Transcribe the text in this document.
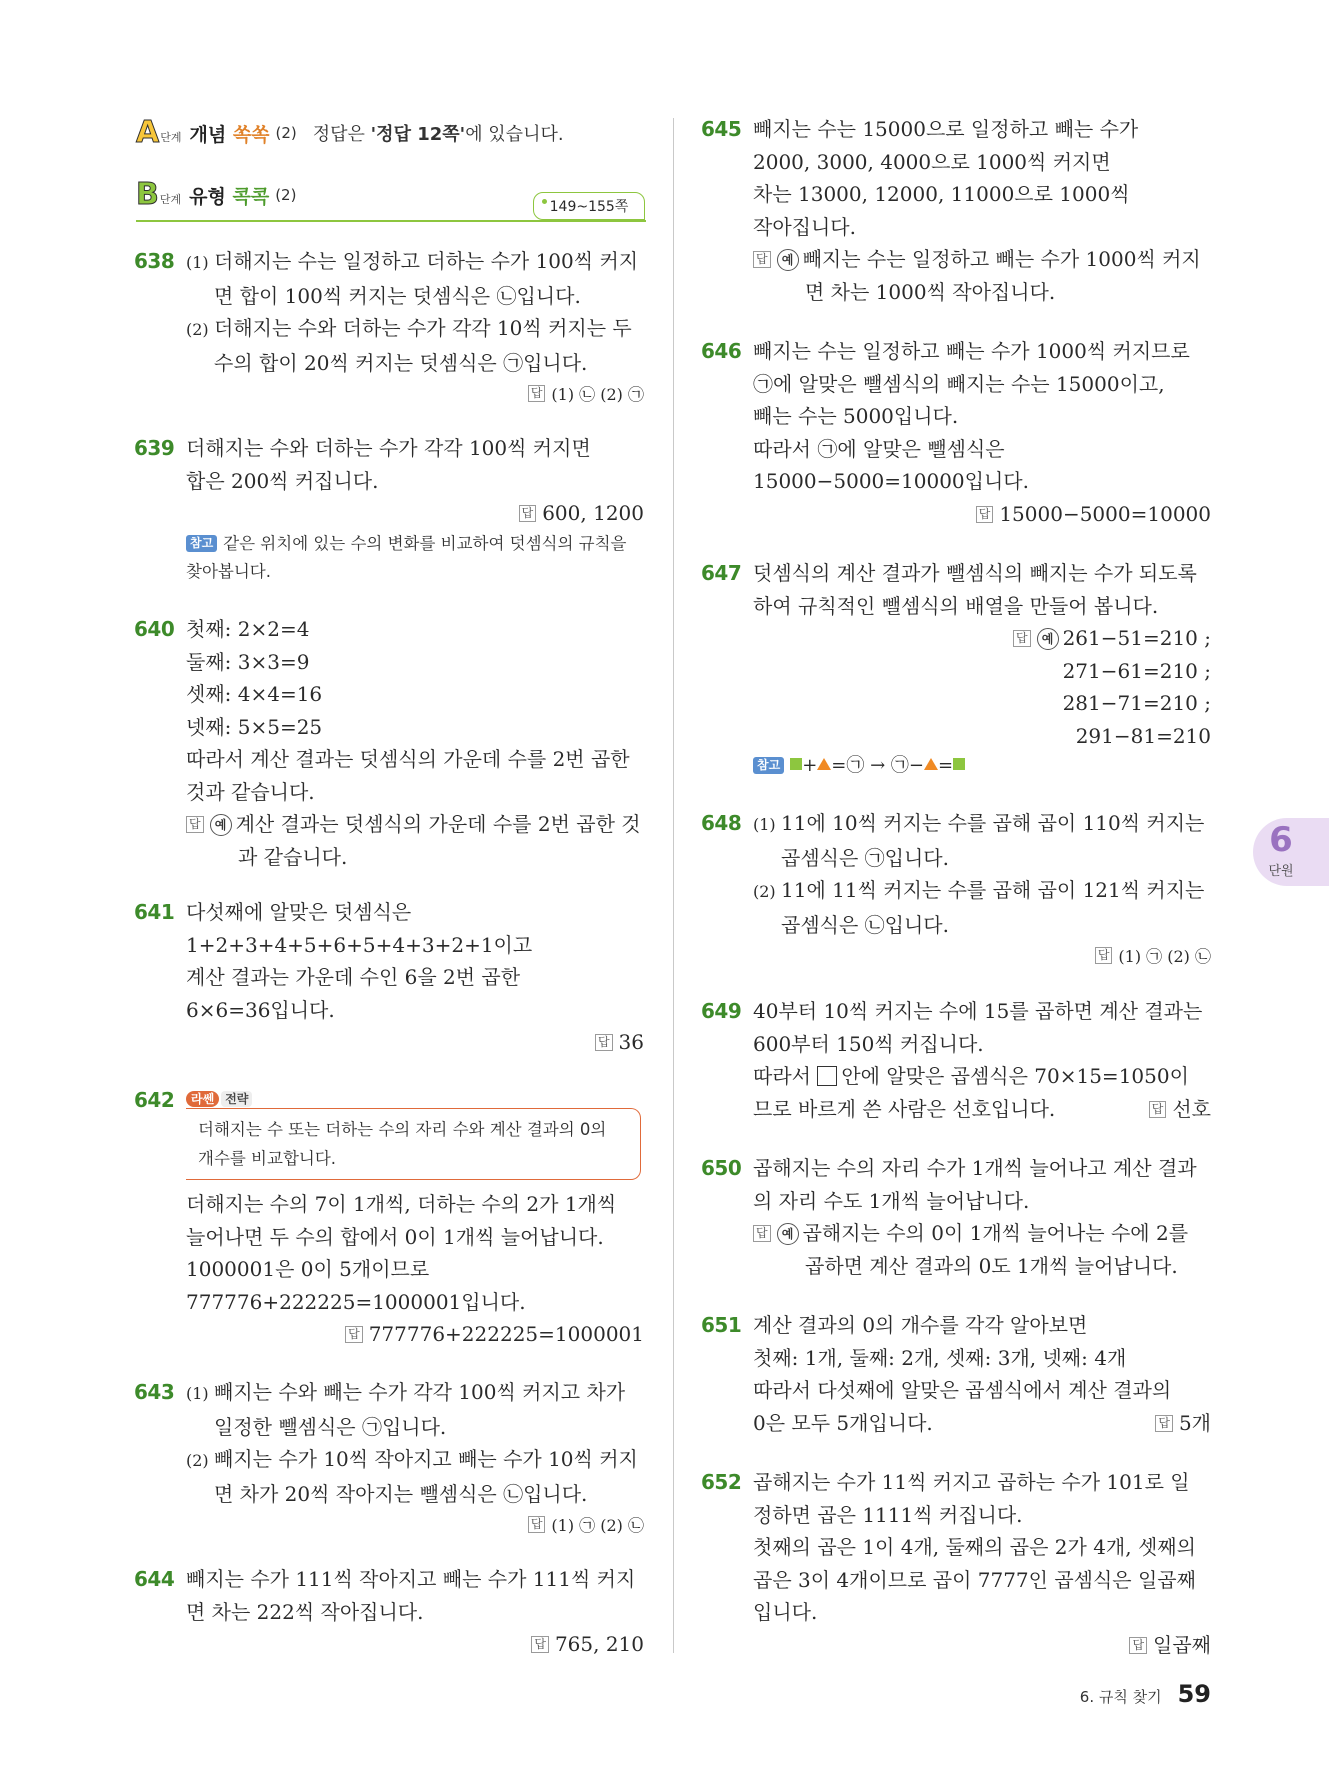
A 단계 개념 쏙쏙 (2) 정답은 '정답 12쪽'에 있습니다.
B 단계 유형 콕콕 (2)
149~155쪽
638 (1) 더해지는 수는 일정하고 더하는 수가 100씩 커지면 합이 100씩 커지는 덧셈식은 ㉡입니다.
(2) 더해지는 수와 더하는 수가 각각 10씩 커지는 두 수의 합이 20씩 커지는 덧셈식은 ㉠입니다.
답 (1) ㉡ (2) ㉠
639 더해지는 수와 더하는 수가 각각 100씩 커지면
합은 200씩 커집니다.
답 600, 1200
참고 같은 위치에 있는 수의 변화를 비교하여 덧셈식의 규칙을
찾아봅니다.
640 첫째: 2×2=4
둘째: 3×3=9
셋째: 4×4=16
넷째: 5×5=25
따라서 계산 결과는 덧셈식의 가운데 수를 2번 곱한
것과 같습니다.
답 예 계산 결과는 덧셈식의 가운데 수를 2번 곱한 것
과 같습니다.
641 다섯째에 알맞은 덧셈식은
1+2+3+4+5+6+5+4+3+2+1이고
계산 결과는 가운데 수인 6을 2번 곱한
6×6=36입니다.
답 36
642	라쎈 전략
더해지는 수 또는 더하는 수의 자리 수와 계산 결과의 0의
개수를 비교합니다.
더해지는 수의 7이 1개씩, 더하는 수의 2가 1개씩
늘어나면 두 수의 합에서 0이 1개씩 늘어납니다.
1000001은 0이 5개이므로
777776+222225=1000001입니다.
답 777776+222225=1000001
643 (1) 빼지는 수와 빼는 수가 각각 100씩 커지고 차가 일정한 뺄셈식은 ㉠입니다.
(2) 빼지는 수가 10씩 작아지고 빼는 수가 10씩 커지면 차가 20씩 작아지는 뺄셈식은 ㉡입니다.
답 (1) ㉠ (2) ㉡
644 빼지는 수가 111씩 작아지고 빼는 수가 111씩 커지
면 차는 222씩 작아집니다.
답 765, 210
645 빼지는 수는 15000으로 일정하고 빼는 수가
2000, 3000, 4000으로 1000씩 커지면
차는 13000, 12000, 11000으로 1000씩
작아집니다.
답 예 빼지는 수는 일정하고 빼는 수가 1000씩 커지
면 차는 1000씩 작아집니다.
646 빼지는 수는 일정하고 빼는 수가 1000씩 커지므로
㉠에 알맞은 뺄셈식의 빼지는 수는 15000이고,
빼는 수는 5000입니다.
따라서 ㉠에 알맞은 뺄셈식은
15000−5000=10000입니다.
답 15000−5000=10000
647 덧셈식의 계산 결과가 뺄셈식의 빼지는 수가 되도록
하여 규칙적인 뺄셈식의 배열을 만들어 봅니다.
답 예 261−51=210 ;
271−61=210 ;
281−71=210 ;
291−81=210
참고 + =㉠ → ㉠− =
648 (1) 11에 10씩 커지는 수를 곱해 곱이 110씩 커지는 곱셈식은 ㉠입니다.
(2) 11에 11씩 커지는 수를 곱해 곱이 121씩 커지는 곱셈식은 ㉡입니다.
답 (1) ㉠ (2) ㉡
649 40부터 10씩 커지는 수에 15를 곱하면 계산 결과는
600부터 150씩 커집니다.
따라서 안에 알맞은 곱셈식은 70×15=1050이
므로 바르게 쓴 사람은 선호입니다.	답 선호
650 곱해지는 수의 자리 수가 1개씩 늘어나고 계산 결과
의 자리 수도 1개씩 늘어납니다.
답 예 곱해지는 수의 0이 1개씩 늘어나는 수에 2를
곱하면 계산 결과의 0도 1개씩 늘어납니다.
651 계산 결과의 0의 개수를 각각 알아보면
첫째: 1개, 둘째: 2개, 셋째: 3개, 넷째: 4개
따라서 다섯째에 알맞은 곱셈식에서 계산 결과의
0은 모두 5개입니다.	답 5개
652 곱해지는 수가 11씩 커지고 곱하는 수가 101로 일
정하면 곱은 1111씩 커집니다.
첫째의 곱은 1이 4개, 둘째의 곱은 2가 4개, 셋째의
곱은 3이 4개이므로 곱이 7777인 곱셈식은 일곱째
입니다.
답 일곱째
6
단원
6. 규칙 찾기 59
